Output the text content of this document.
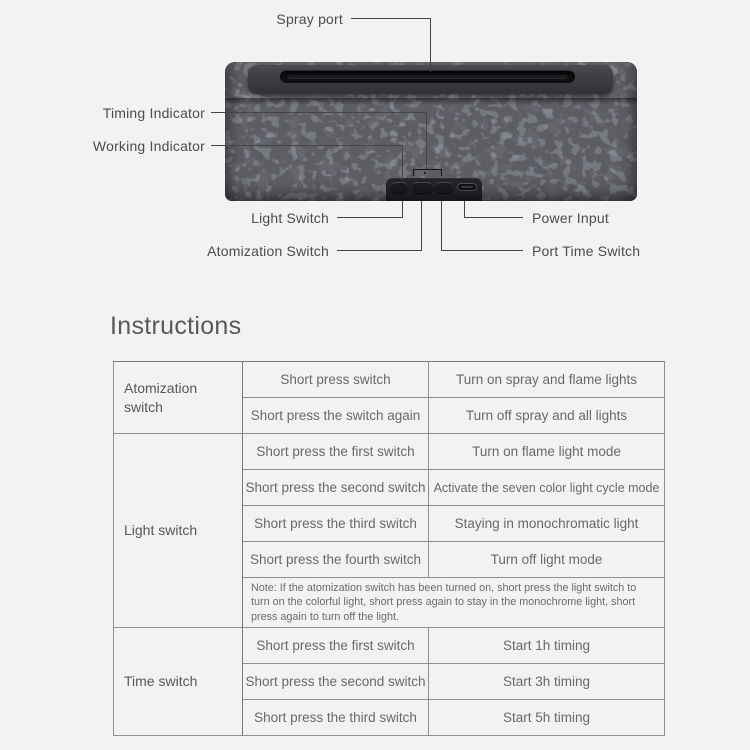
Spray port
Timing Indicator
Working Indicator
Light Switch
Atomization Switch
Power Input
Port Time Switch
Instructions
Atomization switch	Short press switch	Turn on spray and flame lights
	Short press the switch again	Turn off spray and all lights
Light switch	Short press the first switch	Turn on flame light mode
	Short press the second switch	Activate the seven color light cycle mode
	Short press the third switch	Staying in monochromatic light
	Short press the fourth switch	Turn off light mode
	Note: If the atomization switch has been turned on, short press the light switch to turn on the colorful light, short press again to stay in the monochrome light, short press again to turn off the light.	
Time switch	Short press the first switch	Start 1h timing
	Short press the second switch	Start 3h timing
	Short press the third switch	Start 5h timing
